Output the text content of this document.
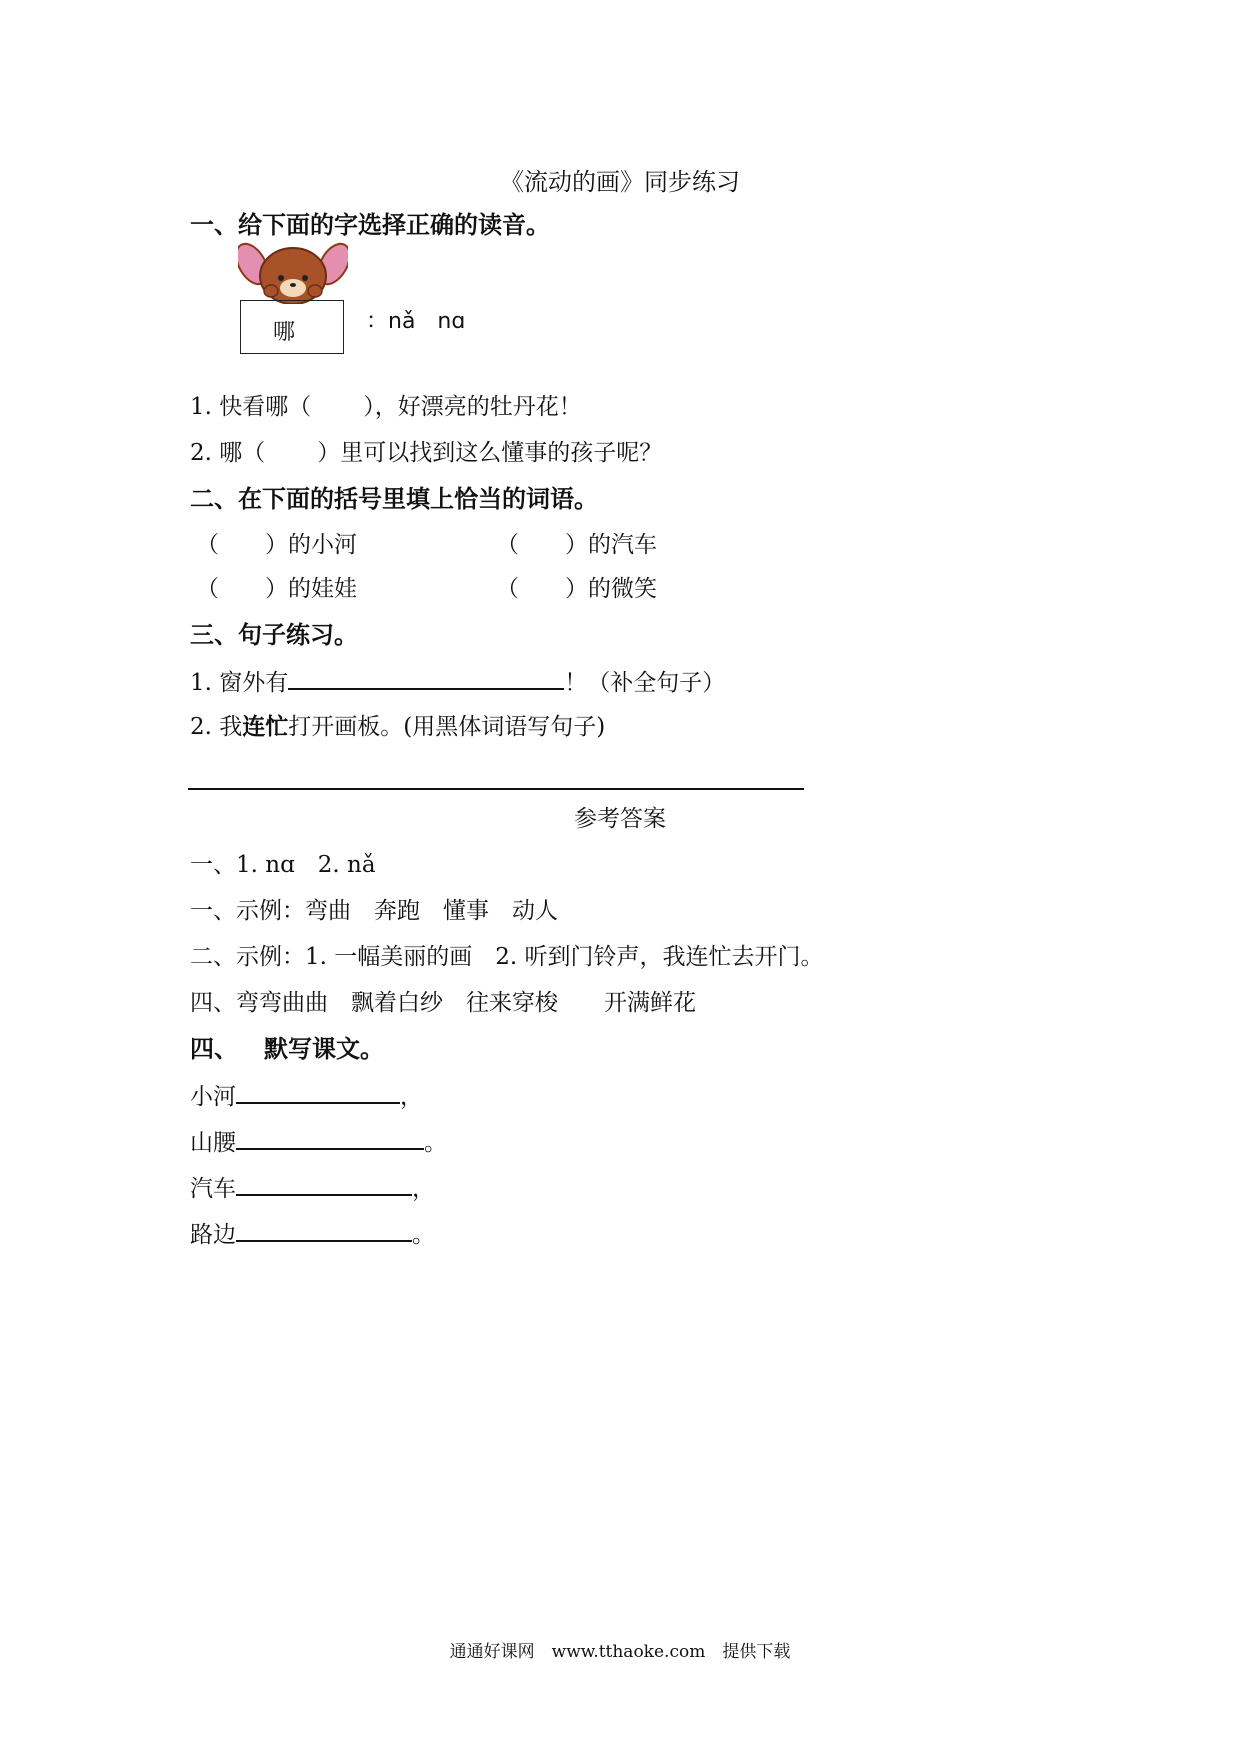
《流动的画》同步练习
一、给下面的字选择正确的读音。
哪	：nǎ　nɑ
1. 快看哪（ ），好漂亮的牡丹花！
2. 哪（ ）里可以找到这么懂事的孩子呢？
二、在下面的括号里填上恰当的词语。
（　　）的小河	（　　）的汽车
（　　）的娃娃	（　　）的微笑
三、句子练习。
1. 窗外有	！（补全句子）
2. 我连忙打开画板。(用黑体词语写句子)
参考答案
一、1. nɑ　2. nǎ
一、示例：弯曲　奔跑　懂事　动人
二、示例：1. 一幅美丽的画　2. 听到门铃声，我连忙去开门。
四、弯弯曲曲　飘着白纱　往来穿梭　　开满鲜花
四、 默写课文。
小河	，
山腰	。
汽车	，
路边	。
通通好课网　www.tthaoke.com　提供下载
